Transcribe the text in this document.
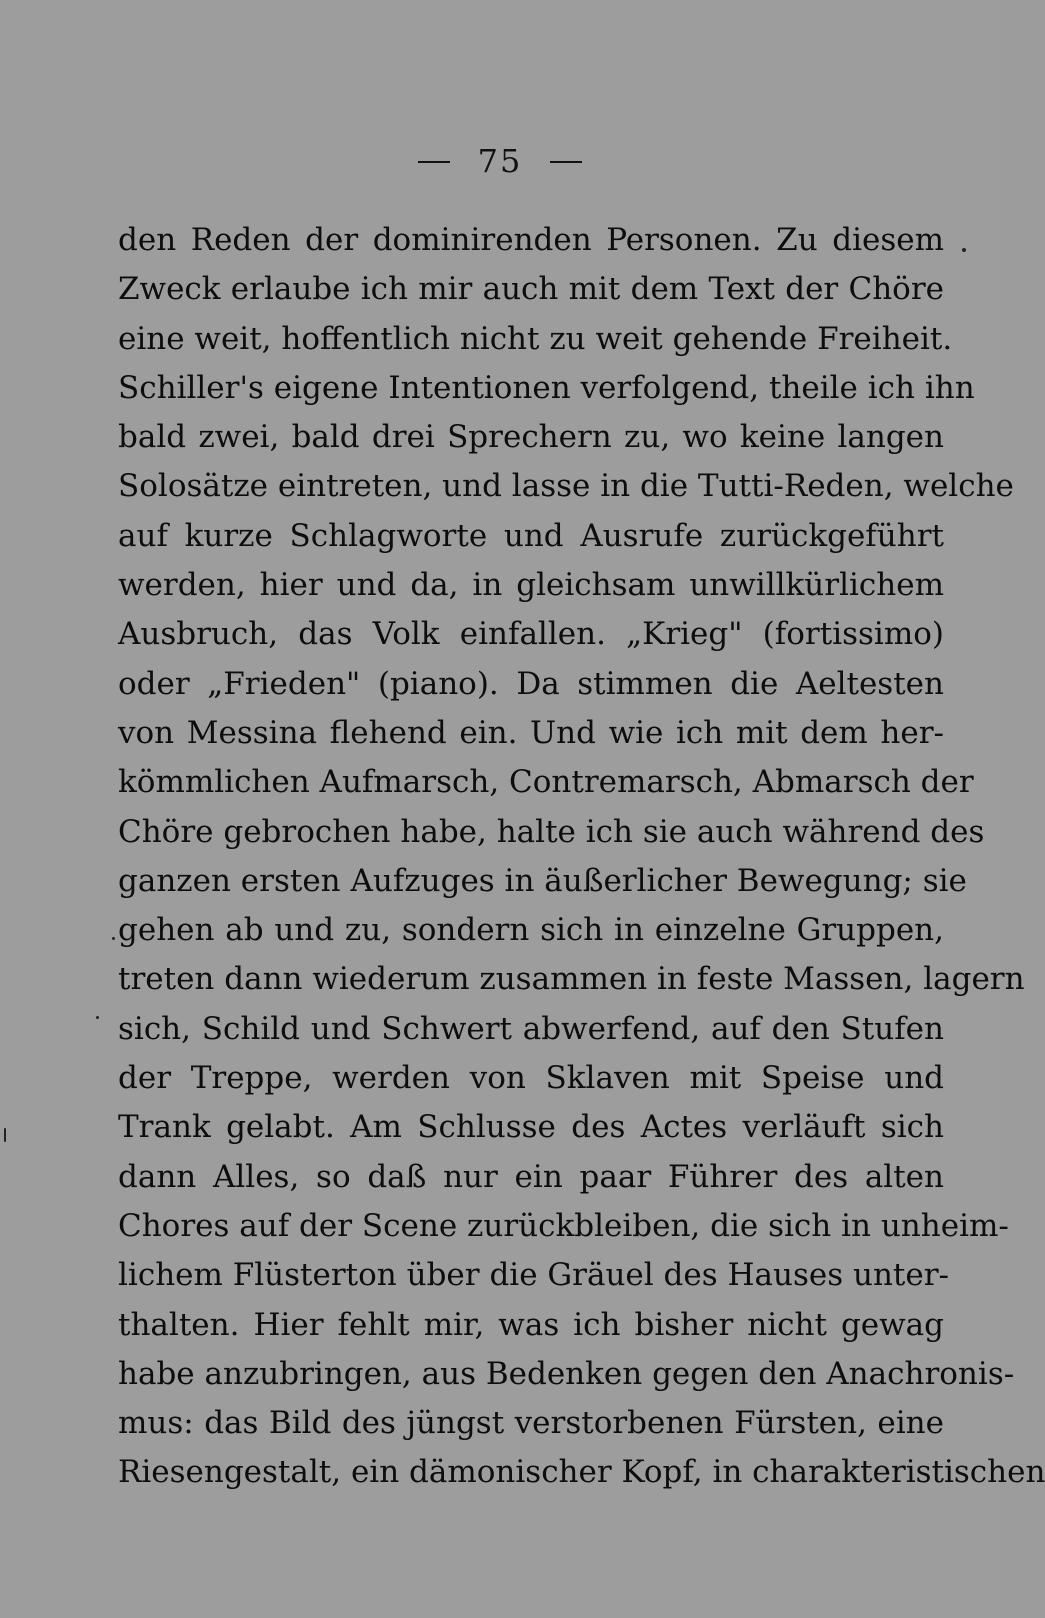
75
den Reden der dominirenden Personen. Zu diesem
Zweck erlaube ich mir auch mit dem Text der Chöre
eine weit, hoffentlich nicht zu weit gehende Freiheit.
Schiller's eigene Intentionen verfolgend, theile ich ihn
bald zwei, bald drei Sprechern zu, wo keine langen
Solosätze eintreten, und lasse in die Tutti-Reden, welche
auf kurze Schlagworte und Ausrufe zurückgeführt
werden, hier und da, in gleichsam unwillkürlichem
Ausbruch, das Volk einfallen. „Krieg" (fortissimo)
oder „Frieden" (piano). Da stimmen die Aeltesten
von Messina flehend ein. Und wie ich mit dem her-
kömmlichen Aufmarsch, Contremarsch, Abmarsch der
Chöre gebrochen habe, halte ich sie auch während des
ganzen ersten Aufzuges in äußerlicher Bewegung; sie
gehen ab und zu, sondern sich in einzelne Gruppen,
treten dann wiederum zusammen in feste Massen, lagern
sich, Schild und Schwert abwerfend, auf den Stufen
der Treppe, werden von Sklaven mit Speise und
Trank gelabt. Am Schlusse des Actes verläuft sich
dann Alles, so daß nur ein paar Führer des alten
Chores auf der Scene zurückbleiben, die sich in unheim-
lichem Flüsterton über die Gräuel des Hauses unter-
thalten. Hier fehlt mir, was ich bisher nicht gewag
habe anzubringen, aus Bedenken gegen den Anachronis-
mus: das Bild des jüngst verstorbenen Fürsten, eine
Riesengestalt, ein dämonischer Kopf, in charakteristischen
